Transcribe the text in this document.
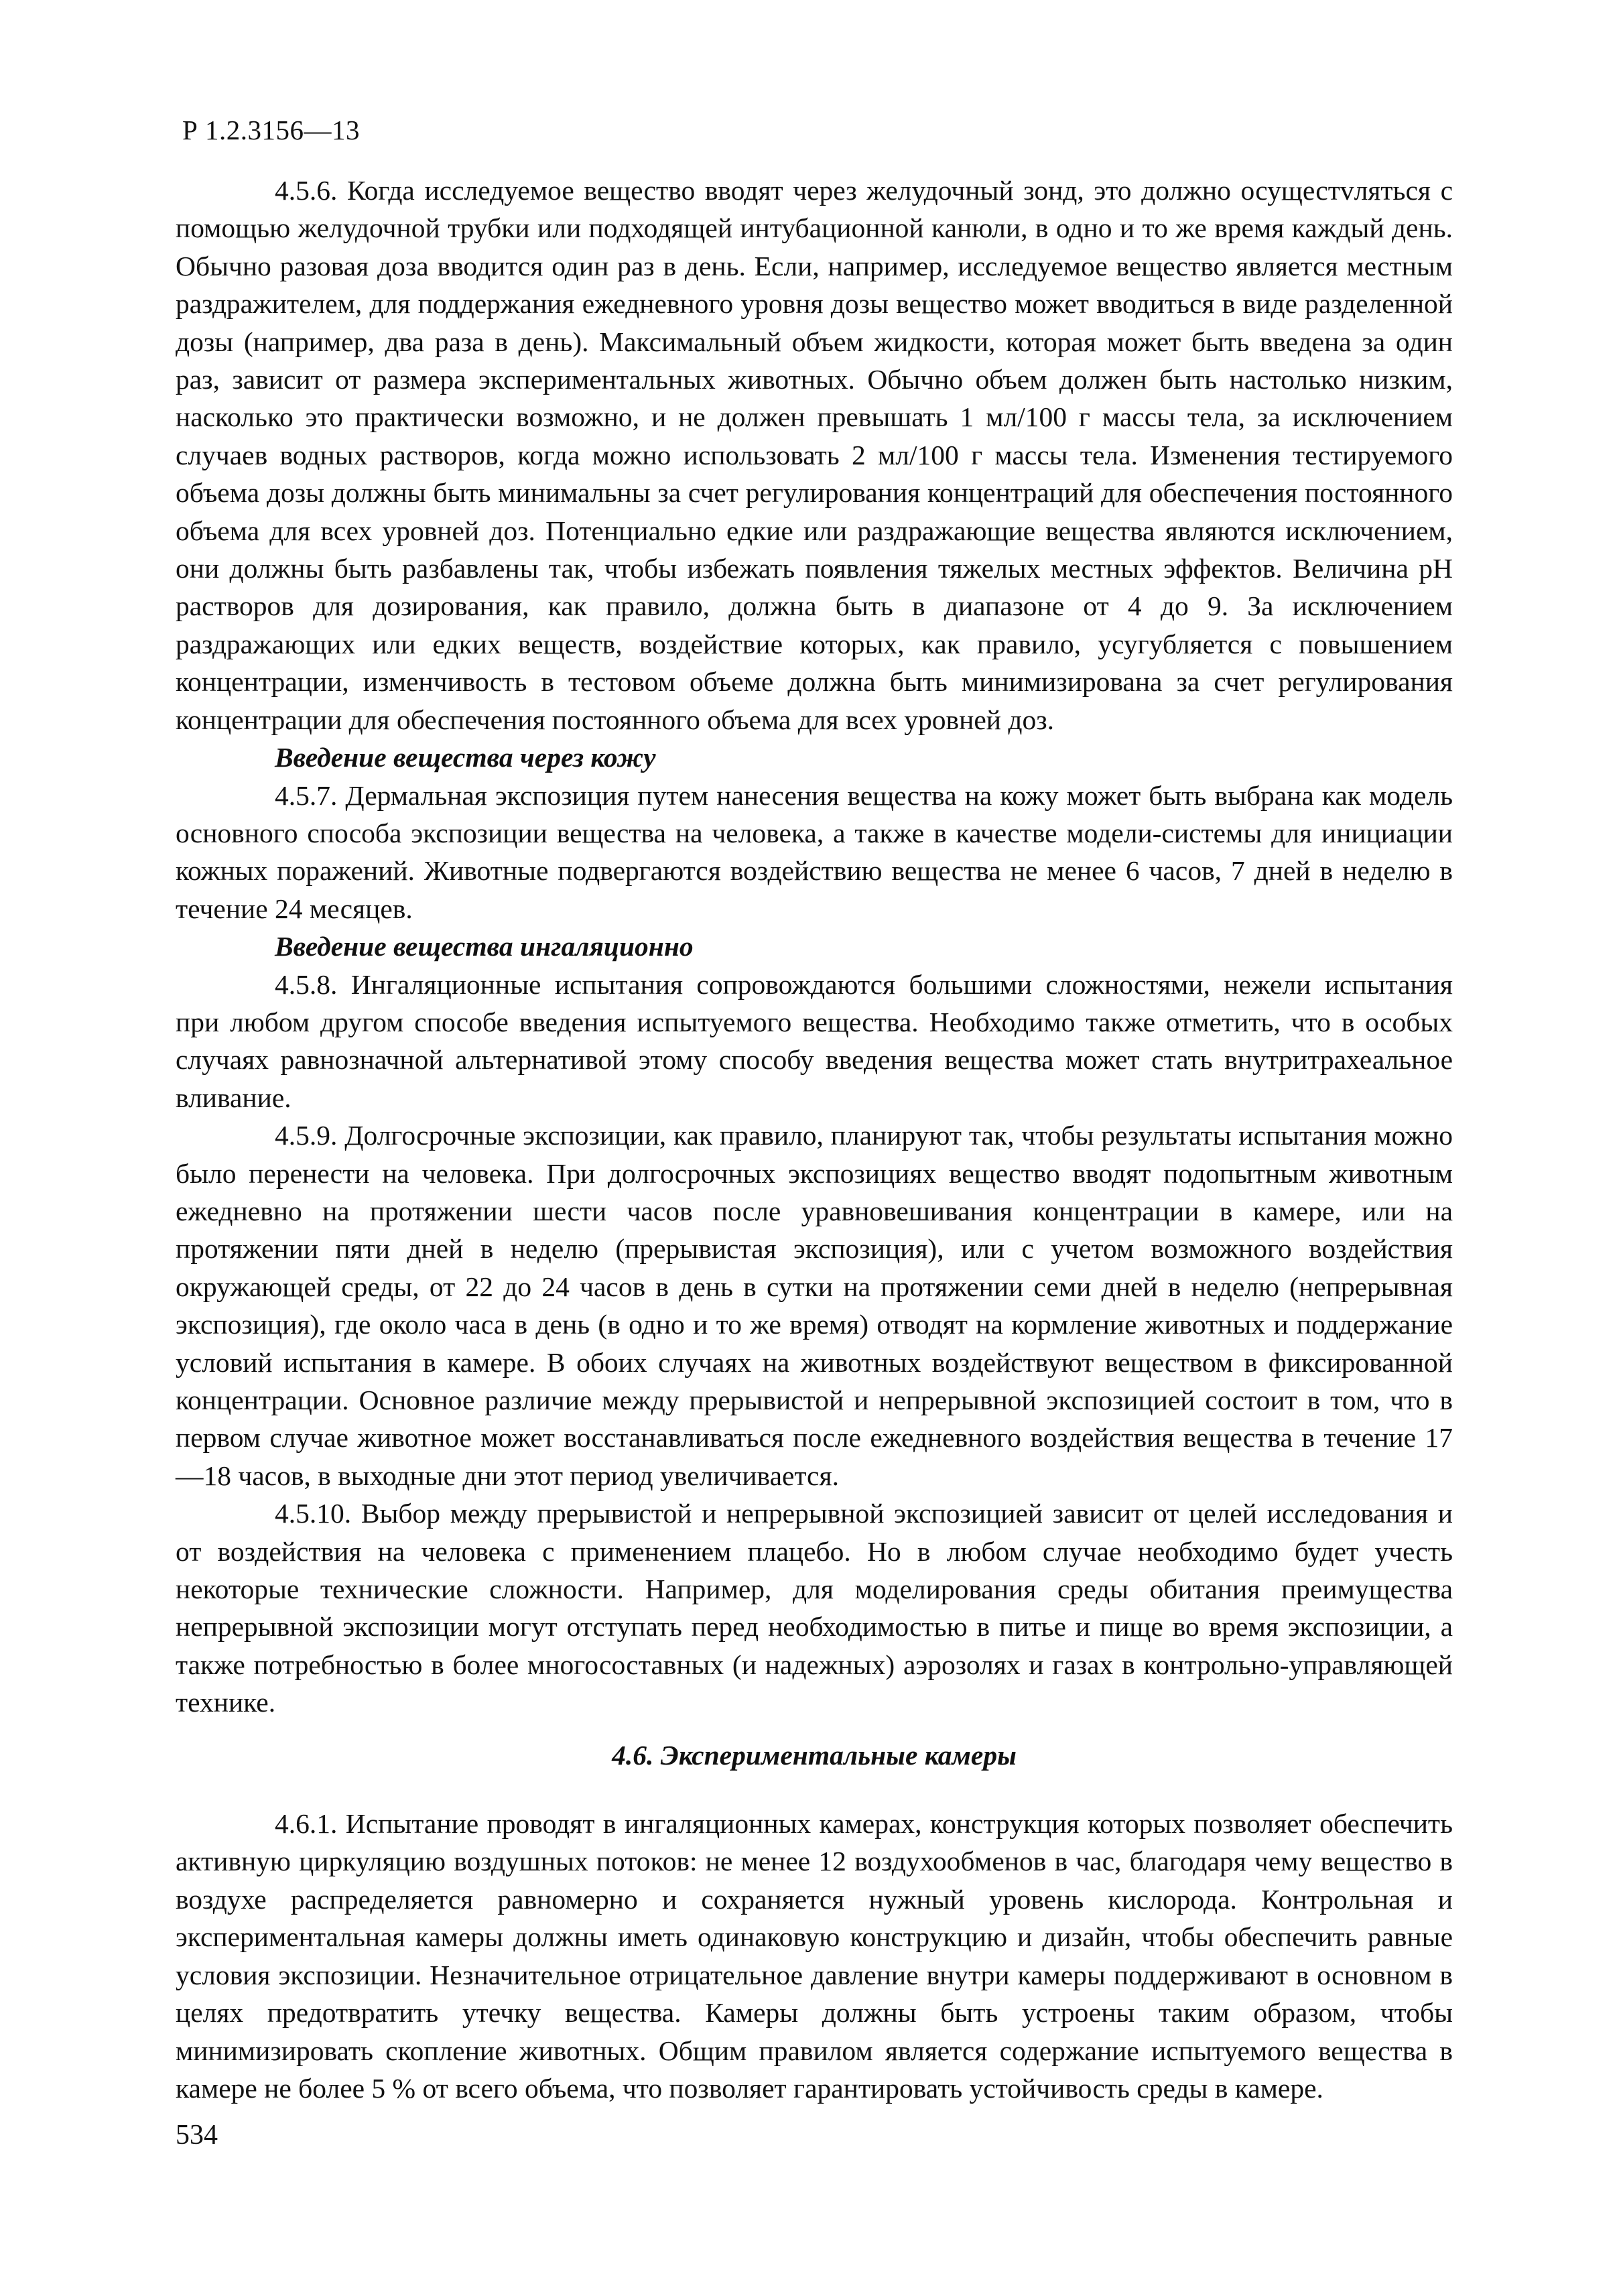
Р 1.2.3156—13

4.5.6. Когда исследуемое вещество вводят через желудочный зонд, это должно осущестvляться с помощью желудочной трубки или подходящей интубационной канюли, в одно и то же время каждый день. Обычно разовая доза вводится один раз в день. Если, например, исследуемое вещество является местным раздражителем, для поддержания ежедневного уровня дозы вещество может вводиться в виде разделенной дозы (например, два раза в день). Максимальный объем жидкости, которая может быть введена за один раз, зависит от размера экспериментальных животных. Обычно объем должен быть настолько низким, насколько это практически возможно, и не должен превышать 1 мл/100 г массы тела, за исключением случаев водных растворов, когда можно использовать 2 мл/100 г массы тела. Изменения тестируемого объема дозы должны быть минимальны за счет регулирования концентраций для обеспечения постоянного объема для всех уровней доз. Потенциально едкие или раздражающие вещества являются исключением, они должны быть разбавлены так, чтобы избежать появления тяжелых местных эффектов. Величина pH растворов для дозирования, как правило, должна быть в диапазоне от 4 до 9. За исключением раздражающих или едких веществ, воздействие которых, как правило, усугубляется с повышением концентрации, изменчивость в тестовом объеме должна быть минимизирована за счет регулирования концентрации для обеспечения постоянного объема для всех уровней доз.

Введение вещества через кожу

4.5.7. Дермальная экспозиция путем нанесения вещества на кожу может быть выбрана как модель основного способа экспозиции вещества на человека, а также в качестве модели-системы для инициации кожных поражений. Животные подвергаются воздействию вещества не менее 6 часов, 7 дней в неделю в течение 24 месяцев.

Введение вещества ингаляционно

4.5.8. Ингаляционные испытания сопровождаются большими сложностями, нежели испытания при любом другом способе введения испытуемого вещества. Необходимо также отметить, что в особых случаях равнозначной альтернативой этому способу введения вещества может стать внутритрахеальное вливание.

4.5.9. Долгосрочные экспозиции, как правило, планируют так, чтобы результаты испытания можно было перенести на человека. При долгосрочных экспозициях вещество вводят подопытным животным ежедневно на протяжении шести часов после уравновешивания концентрации в камере, или на протяжении пяти дней в неделю (прерывистая экспозиция), или с учетом возможного воздействия окружающей среды, от 22 до 24 часов в день в сутки на протяжении семи дней в неделю (непрерывная экспозиция), где около часа в день (в одно и то же время) отводят на кормление животных и поддержание условий испытания в камере. В обоих случаях на животных воздействуют веществом в фиксированной концентрации. Основное различие между прерывистой и непрерывной экспозицией состоит в том, что в первом случае животное может восстанавливаться после ежедневного воздействия вещества в течение 17—18 часов, в выходные дни этот период увеличивается.

4.5.10. Выбор между прерывистой и непрерывной экспозицией зависит от целей исследования и от воздействия на человека с применением плацебо. Но в любом случае необходимо будет учесть некоторые технические сложности. Например, для моделирования среды обитания преимущества непрерывной экспозиции могут отступать перед необходимостью в питье и пище во время экспозиции, а также потребностью в более многосоставных (и надежных) аэрозолях и газах в контрольно-управляющей технике.

4.6. Экспериментальные камеры

4.6.1. Испытание проводят в ингаляционных камерах, конструкция которых позволяет обеспечить активную циркуляцию воздушных потоков: не менее 12 воздухообменов в час, благодаря чему вещество в воздухе распределяется равномерно и сохраняется нужный уровень кислорода. Контрольная и экспериментальная камеры должны иметь одинаковую конструкцию и дизайн, чтобы обеспечить равные условия экспозиции. Незначительное отрицательное давление внутри камеры поддерживают в основном в целях предотвратить утечку вещества. Камеры должны быть устроены таким образом, чтобы минимизировать скопление животных. Общим правилом является содержание испытуемого вещества в камере не более 5 % от всего объема, что позволяет гарантировать устойчивость среды в камере.

534
